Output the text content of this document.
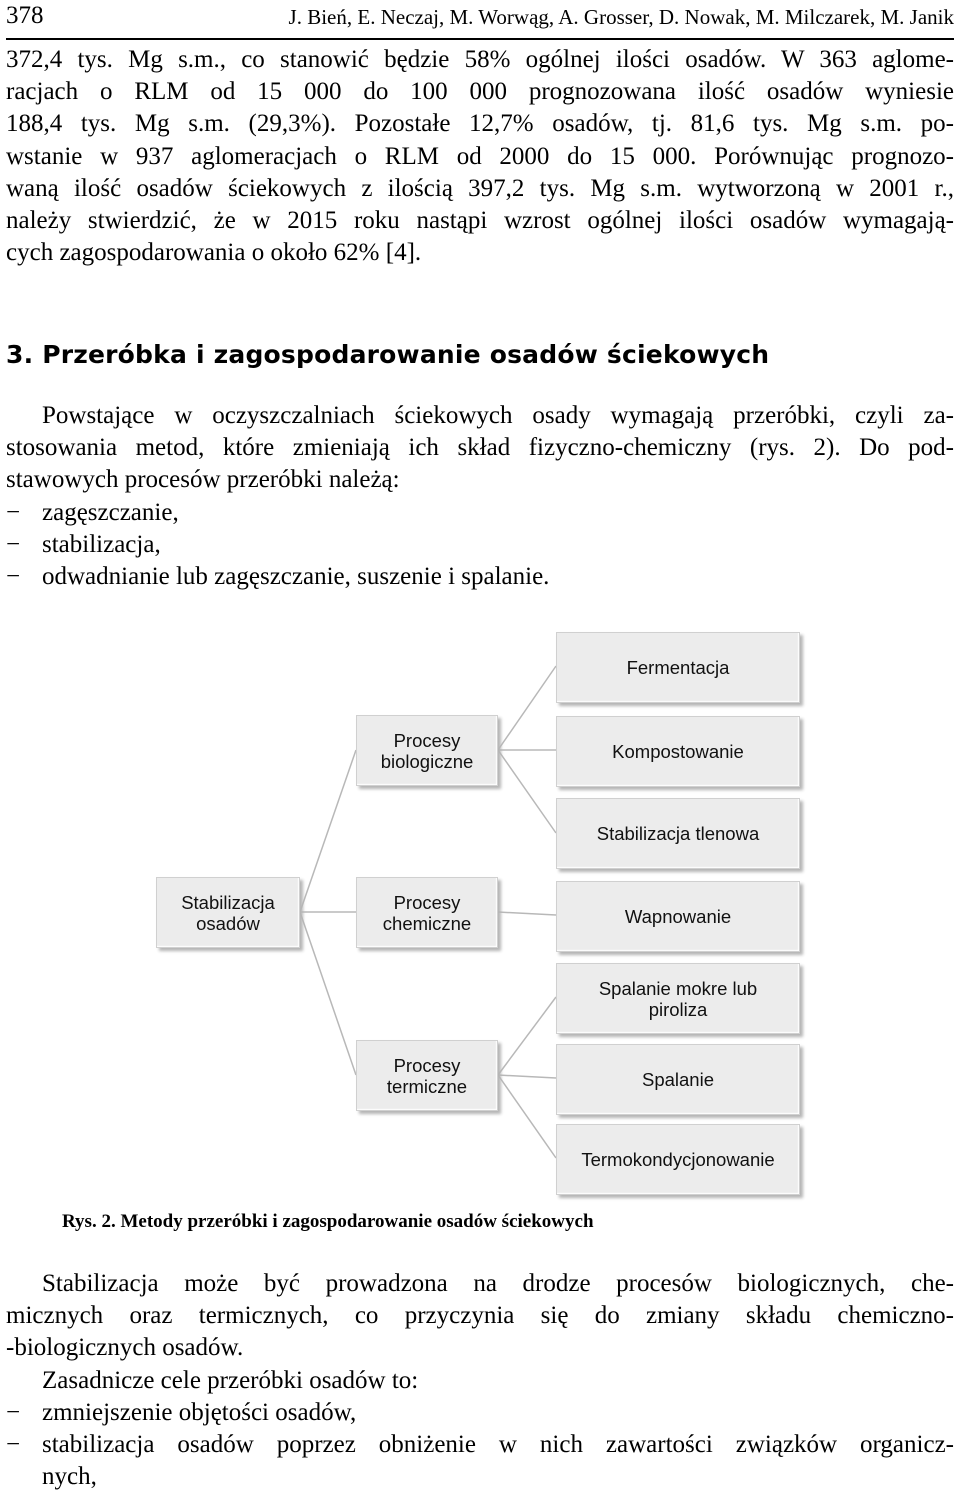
378	J. Bień, E. Neczaj, M. Worwąg, A. Grosser, D. Nowak, M. Milczarek, M. Janik
372,4 tys. Mg s.m., co stanowić będzie 58% ogólnej ilości osadów. W 363 aglome-
racjach o RLM od 15 000 do 100 000 prognozowana ilość osadów wyniesie
188,4 tys. Mg s.m. (29,3%). Pozostałe 12,7% osadów, tj. 81,6 tys. Mg s.m. po-
wstanie w 937 aglomeracjach o RLM od 2000 do 15 000. Porównując prognozo-
waną ilość osadów ściekowych z ilością 397,2 tys. Mg s.m. wytworzoną w 2001 r.,
należy stwierdzić, że w 2015 roku nastąpi wzrost ogólnej ilości osadów wymagają-
cych zagospodarowania o około 62% [4].
3. Przeróbka i zagospodarowanie osadów ściekowych
Powstające w oczyszczalniach ściekowych osady wymagają przeróbki, czyli za-
stosowania metod, które zmieniają ich skład fizyczno-chemiczny (rys. 2). Do pod-
stawowych procesów przeróbki należą:
− zagęszczanie,
− stabilizacja,
− odwadnianie lub zagęszczanie, suszenie i spalanie.
Stabilizacja osadów
Procesy biologiczne
Procesy chemiczne
Procesy termiczne
Fermentacja
Kompostowanie
Stabilizacja tlenowa
Wapnowanie
Spalanie mokre lub piroliza
Spalanie
Termokondycjonowanie
Rys. 2. Metody przeróbki i zagospodarowanie osadów ściekowych
Stabilizacja może być prowadzona na drodze procesów biologicznych, che-
micznych oraz termicznych, co przyczynia się do zmiany składu chemiczno-
-biologicznych osadów.
Zasadnicze cele przeróbki osadów to:
− zmniejszenie objętości osadów,
− stabilizacja osadów poprzez obniżenie w nich zawartości związków organicz-
nych,
